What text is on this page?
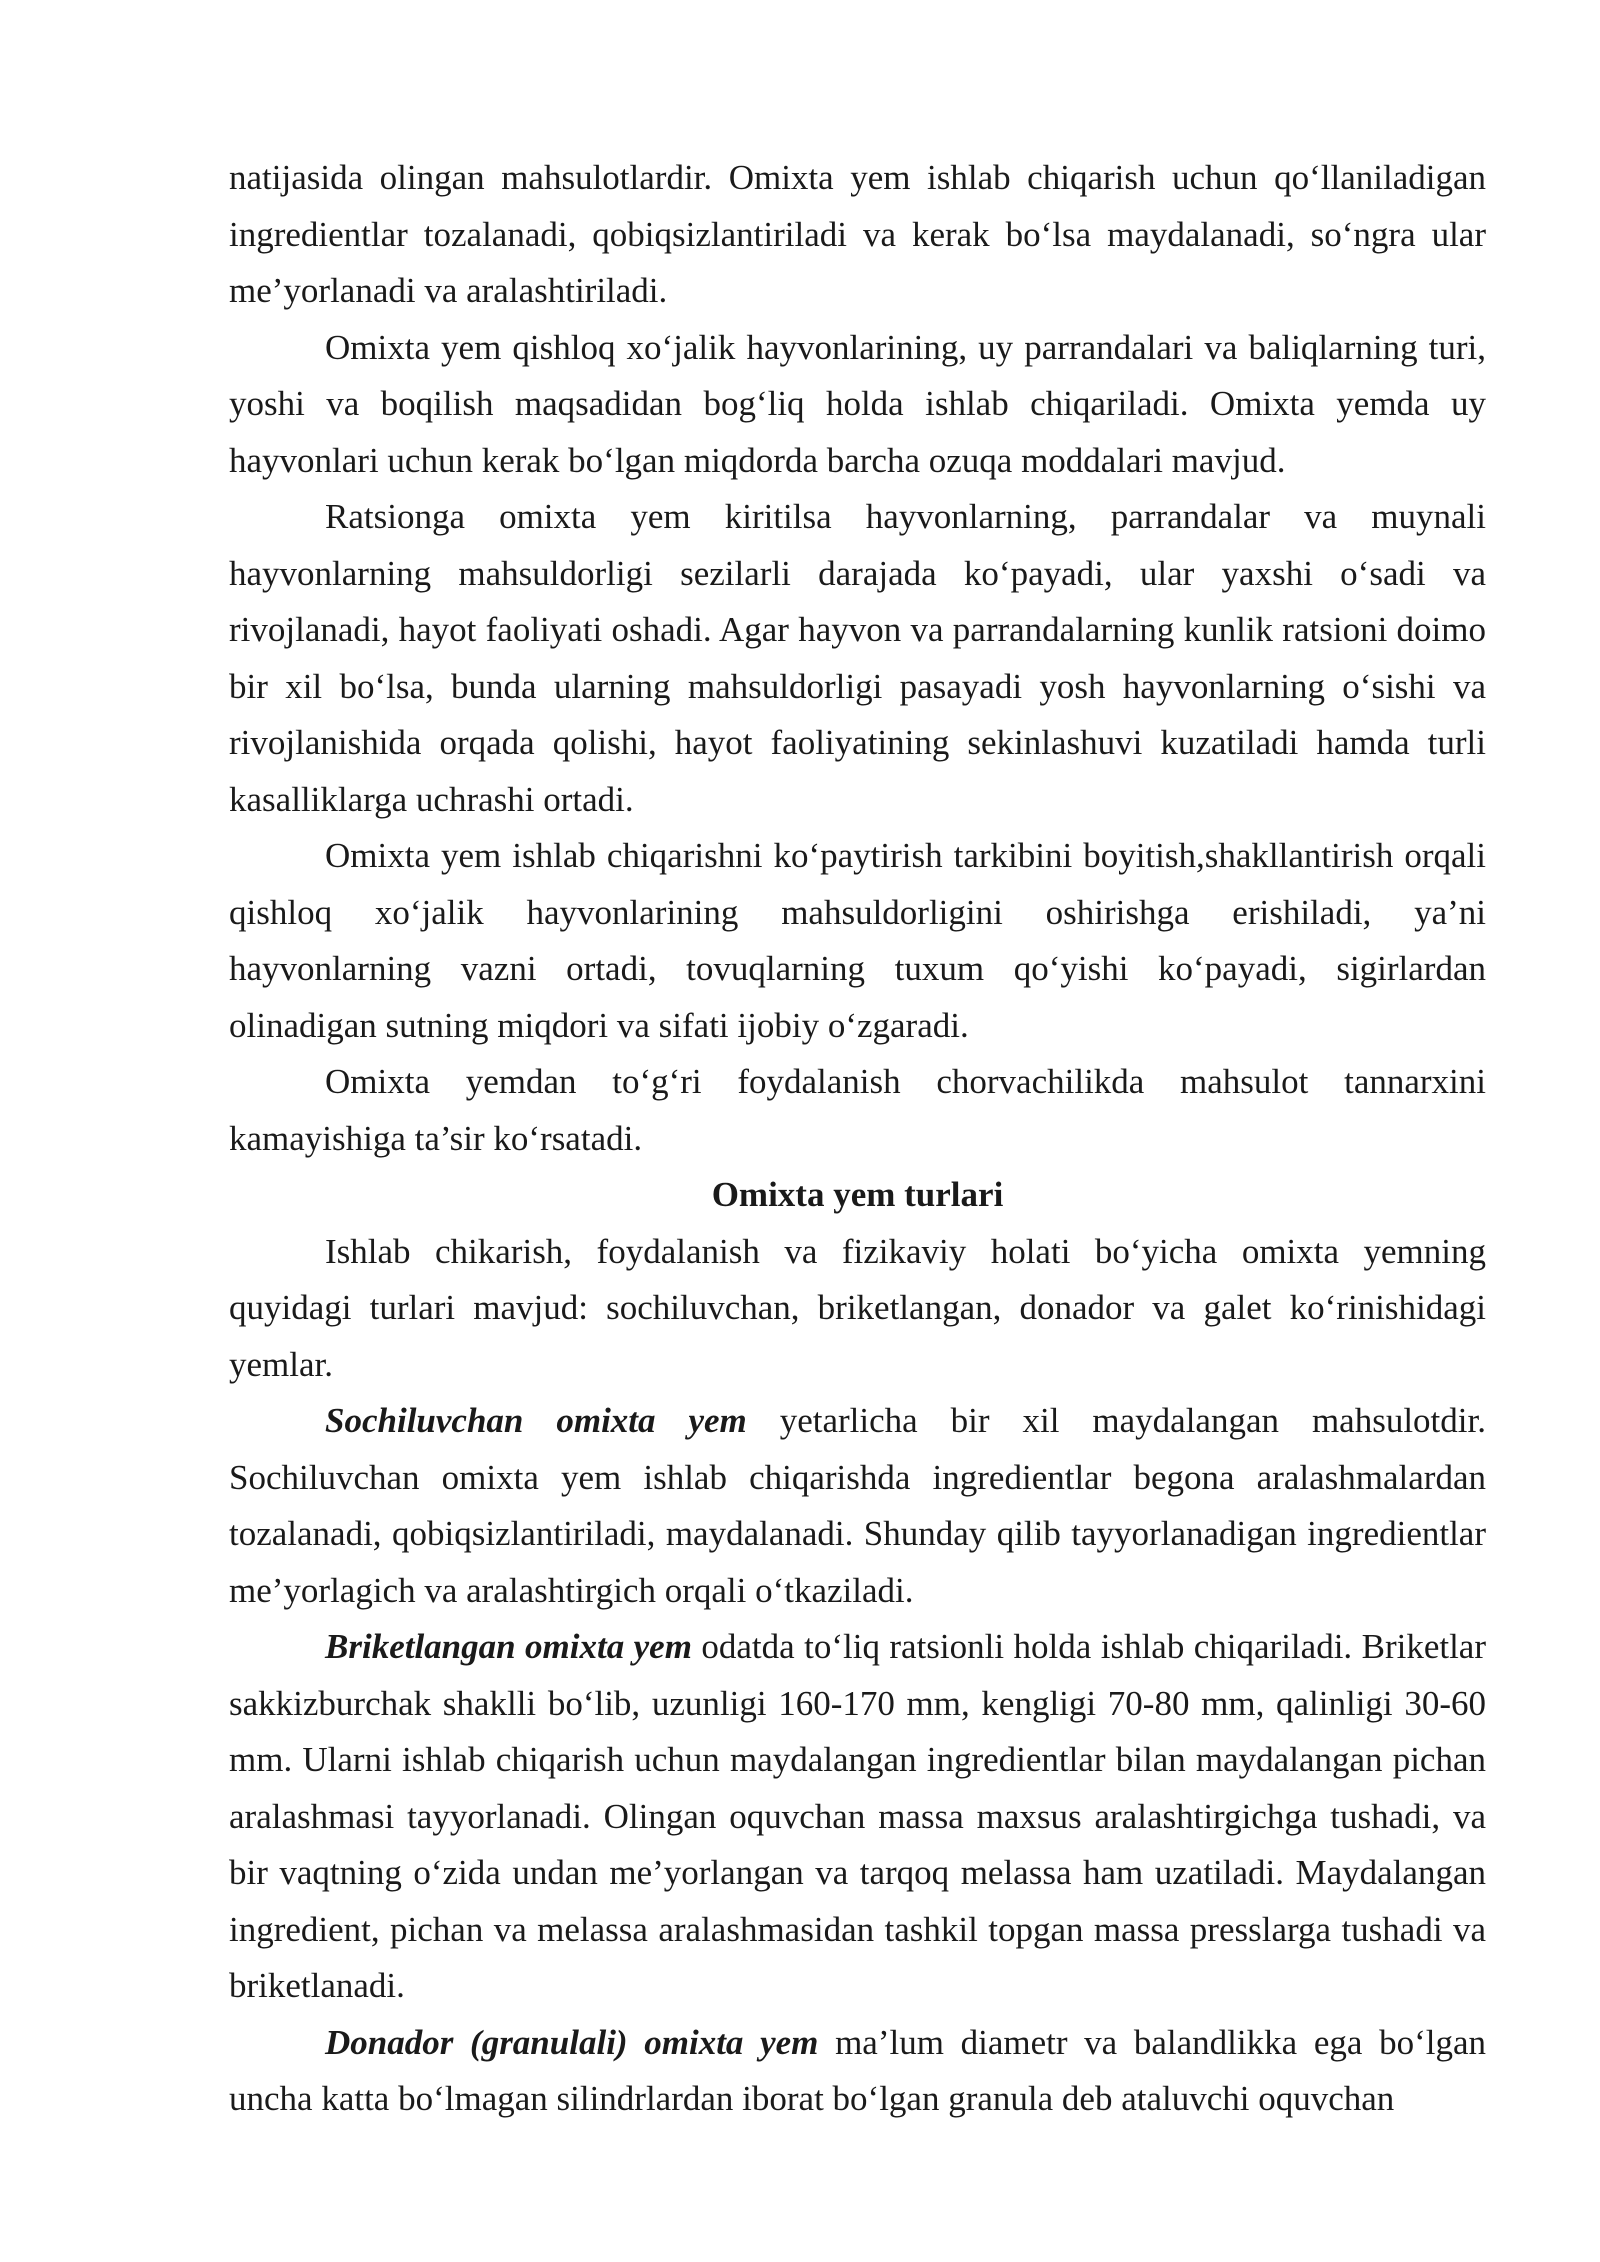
natijasida olingan mahsulotlardir. Omixta yem ishlab chiqarish uchun qo‘llaniladigan ingredientlar tozalanadi, qobiqsizlantiriladi va kerak bo‘lsa maydalanadi, so‘ngra ular me’yorlanadi va aralashtiriladi.

Omixta yem qishloq xo‘jalik hayvonlarining, uy parrandalari va baliqlarning turi, yoshi va boqilish maqsadidan bog‘liq holda ishlab chiqariladi. Omixta yemda uy hayvonlari uchun kerak bo‘lgan miqdorda barcha ozuqa moddalari mavjud.

Ratsionga omixta yem kiritilsa hayvonlarning, parrandalar va muynali hayvonlarning mahsuldorligi sezilarli darajada ko‘payadi, ular yaxshi o‘sadi va rivojlanadi, hayot faoliyati oshadi. Agar hayvon va parrandalarning kunlik ratsioni doimo bir xil bo‘lsa, bunda ularning mahsuldorligi pasayadi yosh hayvonlarning o‘sishi va rivojlanishida orqada qolishi, hayot faoliyatining sekinlashuvi kuzatiladi hamda turli kasalliklarga uchrashi ortadi.

Omixta yem ishlab chiqarishni ko‘paytirish tarkibini boyitish,shakllantirish orqali qishloq xo‘jalik hayvonlarining mahsuldorligini oshirishga erishiladi, ya’ni hayvonlarning vazni ortadi, tovuqlarning tuxum qo‘yishi ko‘payadi, sigirlardan olinadigan sutning miqdori va sifati ijobiy o‘zgaradi.

Omixta yemdan to‘g‘ri foydalanish chorvachilikda mahsulot tannarxini kamayishiga ta’sir ko‘rsatadi.

Omixta yem turlari

Ishlab chikarish, foydalanish va fizikaviy holati bo‘yicha omixta yemning quyidagi turlari mavjud: sochiluvchan, briketlangan, donador va galet ko‘rinishidagi yemlar.

Sochiluvchan omixta yem yetarlicha bir xil maydalangan mahsulotdir. Sochiluvchan omixta yem ishlab chiqarishda ingredientlar begona aralashmalardan tozalanadi, qobiqsizlantiriladi, maydalanadi. Shunday qilib tayyorlanadigan ingredientlar me’yorlagich va aralashtirgich orqali o‘tkaziladi.

Briketlangan omixta yem odatda to‘liq ratsionli holda ishlab chiqariladi. Briketlar sakkizburchak shaklli bo‘lib, uzunligi 160-170 mm, kengligi 70-80 mm, qalinligi 30-60 mm. Ularni ishlab chiqarish uchun maydalangan ingredientlar bilan maydalangan pichan aralashmasi tayyorlanadi. Olingan oquvchan massa maxsus aralashtirgichga tushadi, va bir vaqtning o‘zida undan me’yorlangan va tarqoq melassa ham uzatiladi. Maydalangan ingredient, pichan va melassa aralashmasidan tashkil topgan massa presslarga tushadi va briketlanadi.

Donador (granulali) omixta yem ma’lum diametr va balandlikka ega bo‘lgan uncha katta bo‘lmagan silindrlardan iborat bo‘lgan granula deb ataluvchi oquvchan
